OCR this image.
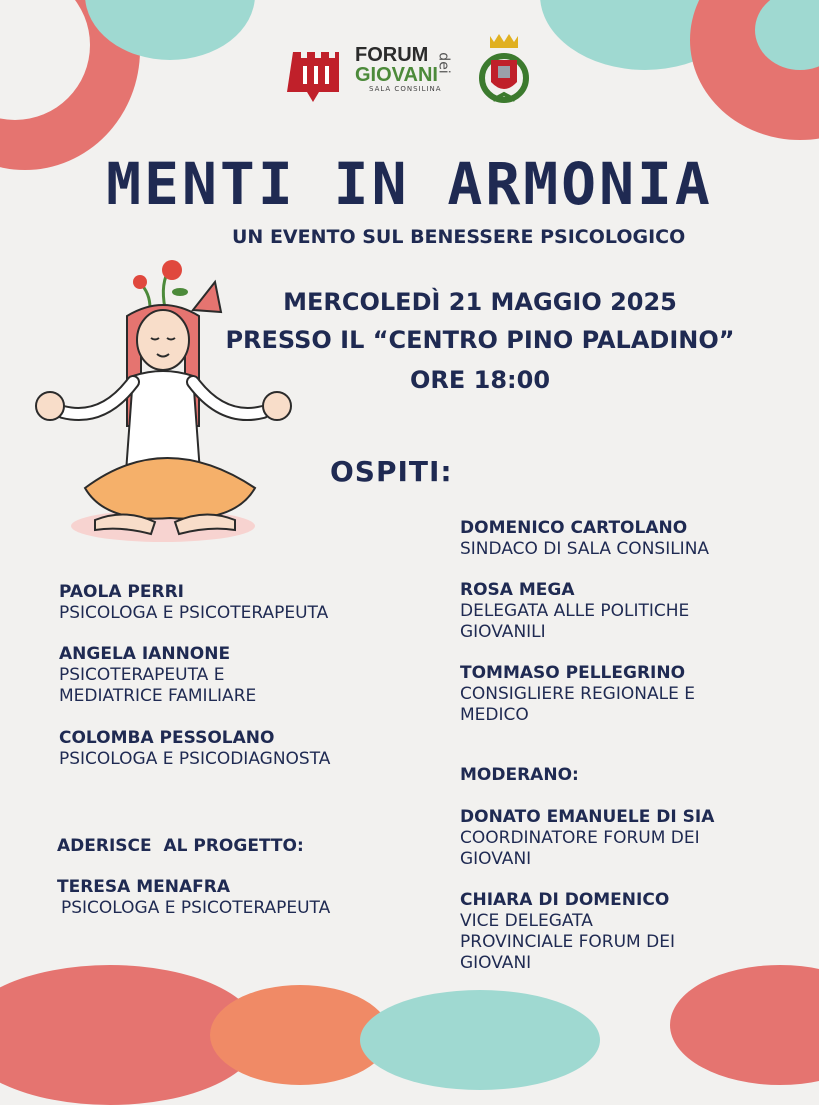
FORUM
GIOVANI
SALA CONSILINA
dei
MENTI IN ARMONIA
UN EVENTO SUL BENESSERE PSICOLOGICO
MERCOLEDÌ 21 MAGGIO 2025
PRESSO IL “CENTRO PINO PALADINO”
ORE 18:00
OSPITI:
DOMENICO CARTOLANO
SINDACO DI SALA CONSILINA
ROSA MEGA
DELEGATA ALLE POLITICHE
GIOVANILI
TOMMASO PELLEGRINO
CONSIGLIERE REGIONALE E
MEDICO
PAOLA PERRI
PSICOLOGA E PSICOTERAPEUTA
ANGELA IANNONE
PSICOTERAPEUTA E
MEDIATRICE FAMILIARE
COLOMBA PESSOLANO
PSICOLOGA E PSICODIAGNOSTA
MODERANO:
DONATO EMANUELE DI SIA
COORDINATORE FORUM DEI
GIOVANI
CHIARA DI DOMENICO
VICE DELEGATA
PROVINCIALE FORUM DEI
GIOVANI
ADERISCE  AL PROGETTO:
TERESA MENAFRA
PSICOLOGA E PSICOTERAPEUTA
